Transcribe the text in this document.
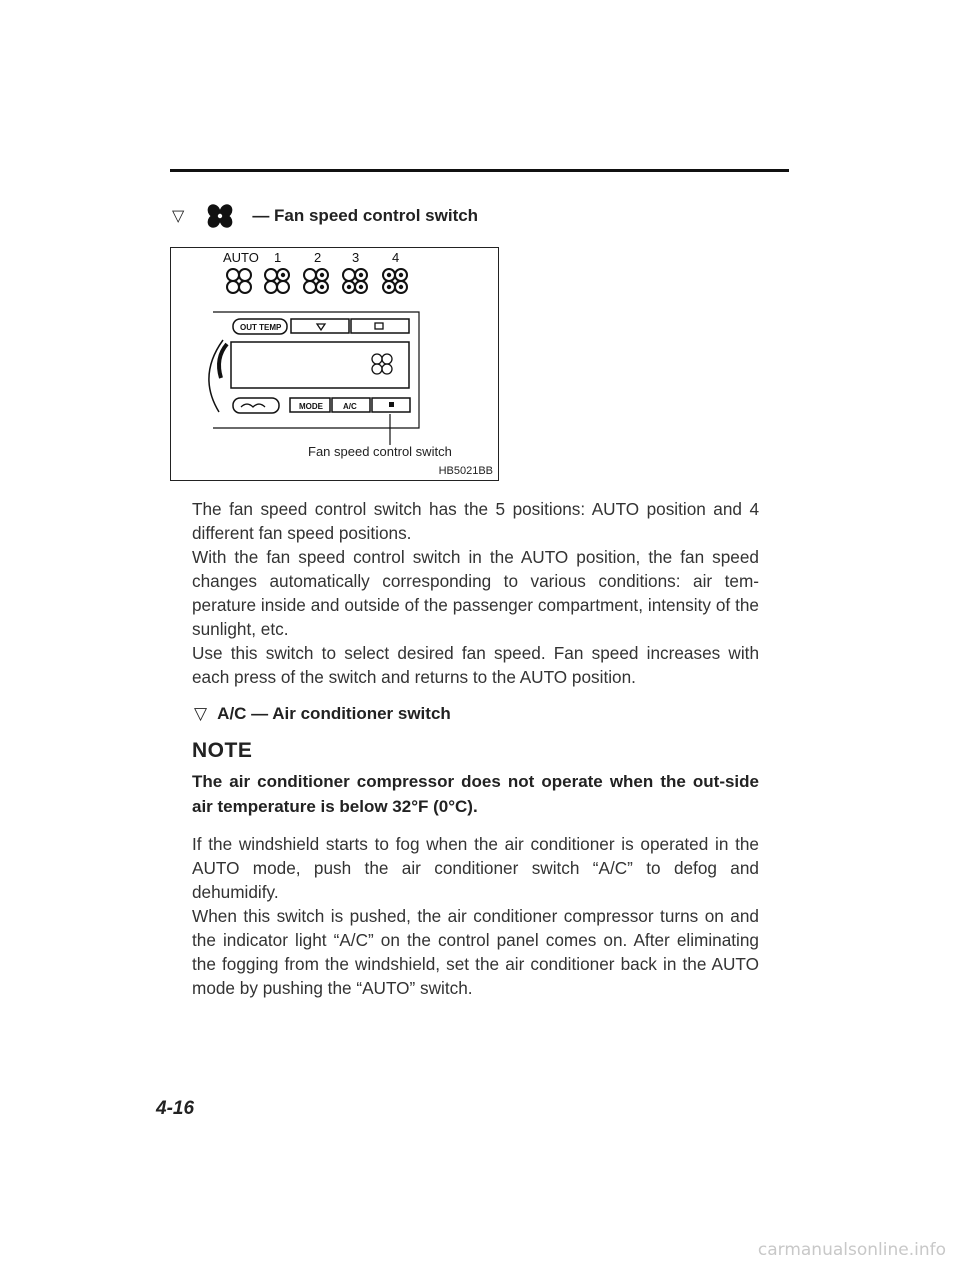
▽	— Fan speed control switch
AUTO 1	2 3	4
OUT TEMP
MODE	A/C
Fan speed control switch
HB5021BB

The fan speed control switch has the 5 positions: AUTO position and 4 different fan speed positions.

With the fan speed control switch in the AUTO position, the fan speed changes automatically corresponding to various conditions: air tem-perature inside and outside of the passenger compartment, intensity of the sunlight, etc.

Use this switch to select desired fan speed. Fan speed increases with each press of the switch and returns to the AUTO position.

▽ A/C — Air conditioner switch
NOTE
The air conditioner compressor does not operate when the out-side air temperature is below 32°F (0°C).

If the windshield starts to fog when the air conditioner is operated in the AUTO mode, push the air conditioner switch “A/C” to defog and dehumidify.

When this switch is pushed, the air conditioner compressor turns on and the indicator light “A/C” on the control panel comes on. After eliminating the fogging from the windshield, set the air conditioner back in the AUTO mode by pushing the “AUTO” switch.

4-16
carmanualsonline.info
